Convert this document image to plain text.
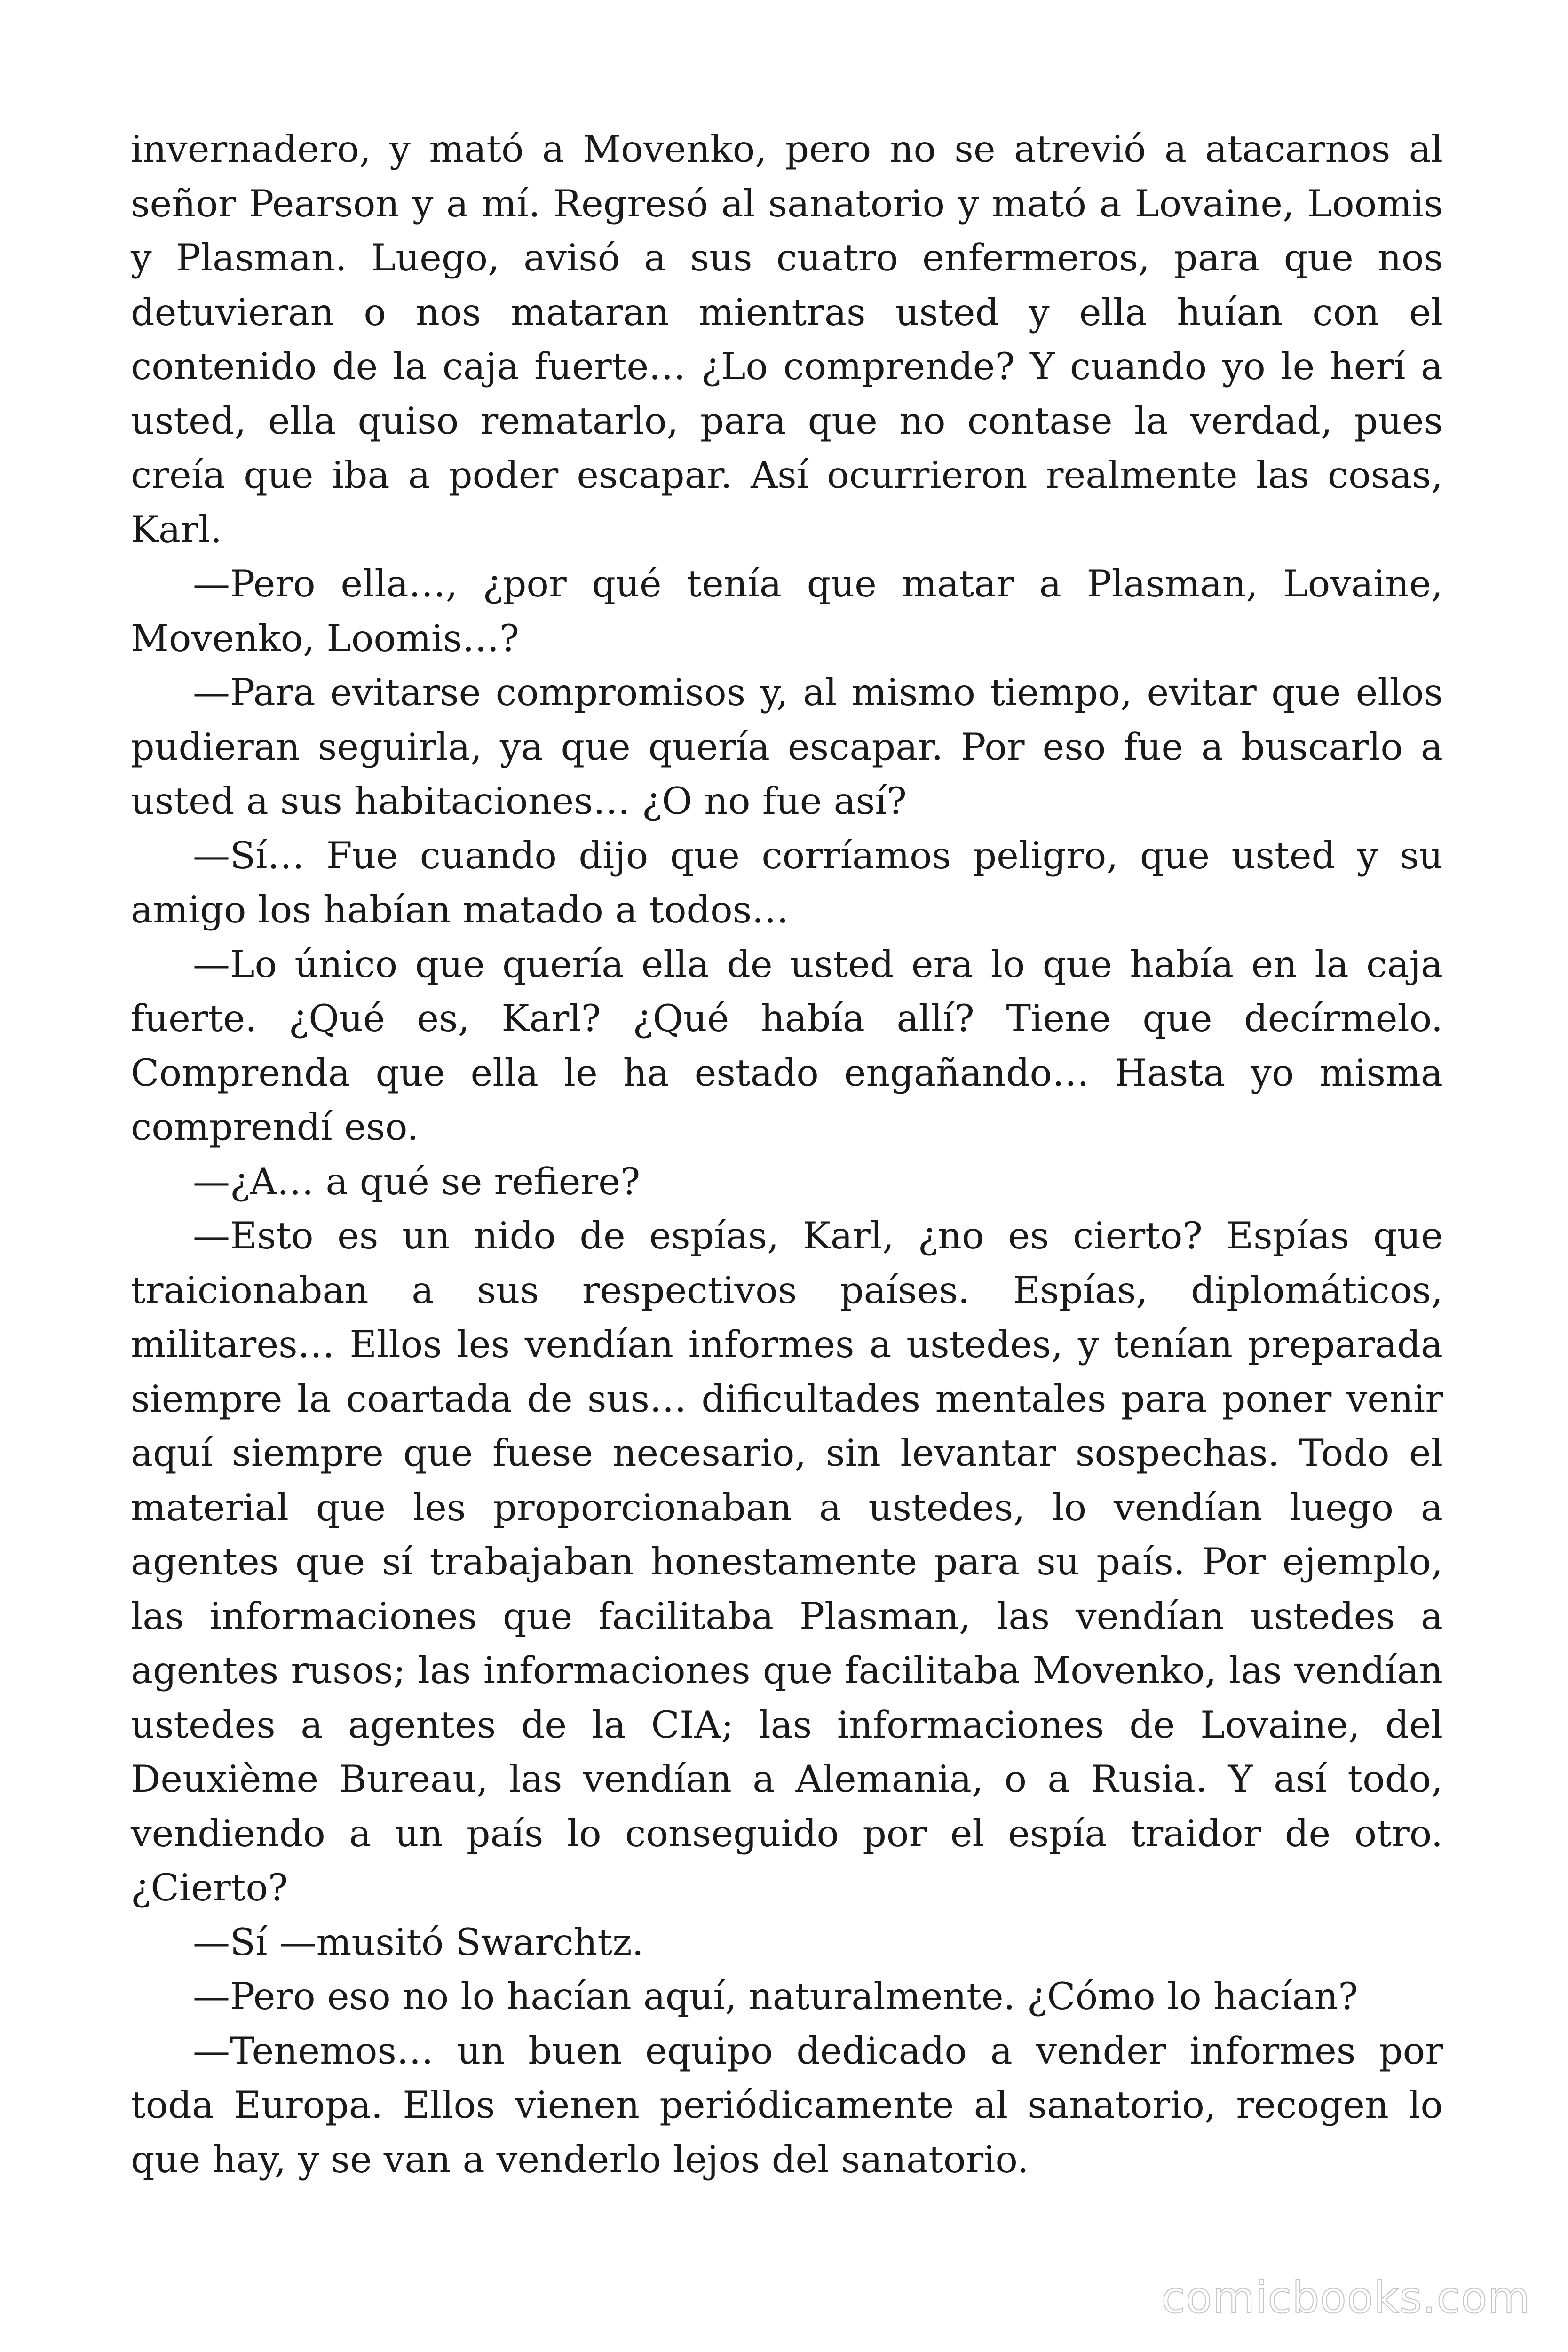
invernadero, y mató a Movenko, pero no se atrevió a atacarnos al señor Pearson y a mí. Regresó al sanatorio y mató a Lovaine, Loomis y Plasman. Luego, avisó a sus cuatro enfermeros, para que nos detuvieran o nos mataran mientras usted y ella huían con el contenido de la caja fuerte… ¿Lo comprende? Y cuando yo le herí a usted, ella quiso rematarlo, para que no contase la verdad, pues creía que iba a poder escapar. Así ocurrieron realmente las cosas, Karl.

—Pero ella…, ¿por qué tenía que matar a Plasman, Lovaine, Movenko, Loomis…?

—Para evitarse compromisos y, al mismo tiempo, evitar que ellos pudieran seguirla, ya que quería escapar. Por eso fue a buscarlo a usted a sus habitaciones… ¿O no fue así?

—Sí… Fue cuando dijo que corríamos peligro, que usted y su amigo los habían matado a todos…

—Lo único que quería ella de usted era lo que había en la caja fuerte. ¿Qué es, Karl? ¿Qué había allí? Tiene que decírmelo. Comprenda que ella le ha estado engañando… Hasta yo misma comprendí eso.

—¿A… a qué se refiere?

—Esto es un nido de espías, Karl, ¿no es cierto? Espías que traicionaban a sus respectivos países. Espías, diplomáticos, militares… Ellos les vendían informes a ustedes, y tenían preparada siempre la coartada de sus… dificultades mentales para poner venir aquí siempre que fuese necesario, sin levantar sospechas. Todo el material que les proporcionaban a ustedes, lo vendían luego a agentes que sí trabajaban honestamente para su país. Por ejemplo, las informaciones que facilitaba Plasman, las vendían ustedes a agentes rusos; las informaciones que facilitaba Movenko, las vendían ustedes a agentes de la CIA; las informaciones de Lovaine, del Deuxième Bureau, las vendían a Alemania, o a Rusia. Y así todo, vendiendo a un país lo conseguido por el espía traidor de otro. ¿Cierto?

—Sí —musitó Swarchtz.

—Pero eso no lo hacían aquí, naturalmente. ¿Cómo lo hacían?

—Tenemos… un buen equipo dedicado a vender informes por toda Europa. Ellos vienen periódicamente al sanatorio, recogen lo que hay, y se van a venderlo lejos del sanatorio.

comicbooks.com
